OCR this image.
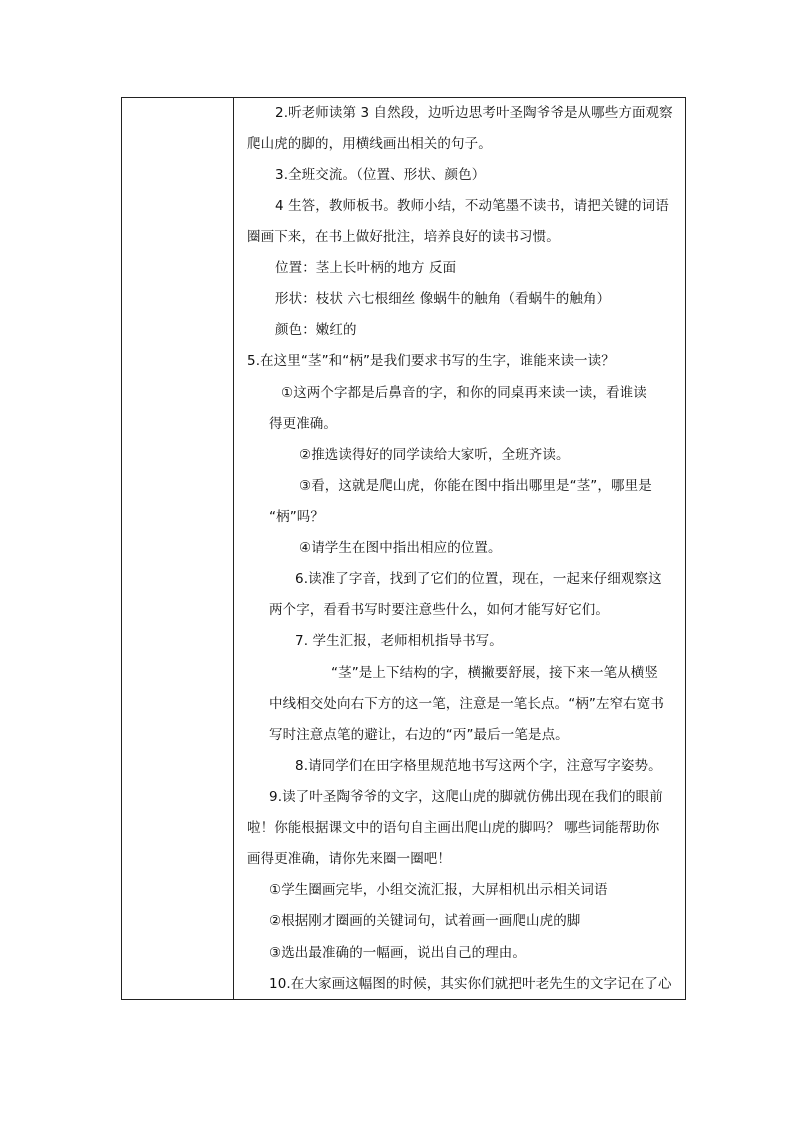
2.听老师读第 3 自然段，边听边思考叶圣陶爷爷是从哪些方面观察
爬山虎的脚的，用横线画出相关的句子。
3.全班交流。（位置、形状、颜色）
4 生答，教师板书。教师小结，不动笔墨不读书，请把关键的词语
圈画下来，在书上做好批注，培养良好的读书习惯。
位置：茎上长叶柄的地方 反面
形状：枝状 六七根细丝 像蜗牛的触角（看蜗牛的触角）
颜色：嫩红的
5.在这里“茎”和“柄”是我们要求书写的生字，谁能来读一读？
①这两个字都是后鼻音的字，和你的同桌再来读一读，看谁读
得更准确。
②推选读得好的同学读给大家听，全班齐读。
③看，这就是爬山虎，你能在图中指出哪里是“茎”，哪里是
“柄”吗？
④请学生在图中指出相应的位置。
6.读准了字音，找到了它们的位置，现在，一起来仔细观察这
两个字，看看书写时要注意些什么，如何才能写好它们。
7. 学生汇报，老师相机指导书写。
“茎”是上下结构的字，横撇要舒展，接下来一笔从横竖
中线相交处向右下方的这一笔，注意是一笔长点。“柄”左窄右宽书
写时注意点笔的避让，右边的“丙”最后一笔是点。
8.请同学们在田字格里规范地书写这两个字，注意写字姿势。
9.读了叶圣陶爷爷的文字，这爬山虎的脚就仿佛出现在我们的眼前
啦！你能根据课文中的语句自主画出爬山虎的脚吗？ 哪些词能帮助你
画得更准确，请你先来圈一圈吧！
①学生圈画完毕，小组交流汇报，大屏相机出示相关词语
②根据刚才圈画的关键词句，试着画一画爬山虎的脚
③选出最准确的一幅画，说出自己的理由。
10.在大家画这幅图的时候，其实你们就把叶老先生的文字记在了心
